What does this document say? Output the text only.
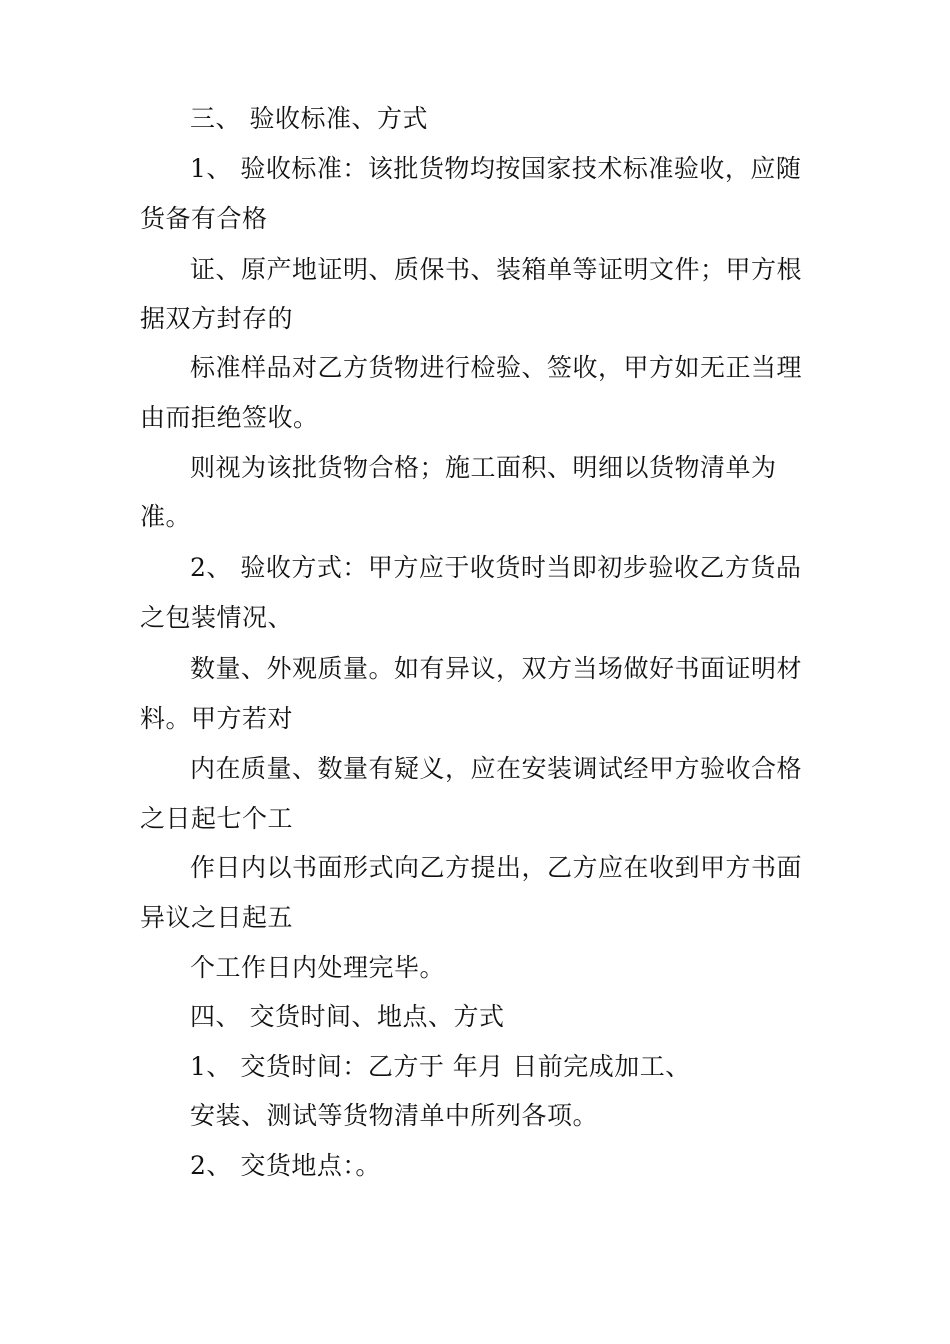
三、 验收标准、方式
1、 验收标准：该批货物均按国家技术标准验收，应随
货备有合格
证、原产地证明、质保书、装箱单等证明文件；甲方根
据双方封存的
标准样品对乙方货物进行检验、签收，甲方如无正当理
由而拒绝签收。
则视为该批货物合格；施工面积、明细以货物清单为
准。
2、 验收方式：甲方应于收货时当即初步验收乙方货品
之包装情况、
数量、外观质量。如有异议，双方当场做好书面证明材
料。甲方若对
内在质量、数量有疑义，应在安装调试经甲方验收合格
之日起七个工
作日内以书面形式向乙方提出，乙方应在收到甲方书面
异议之日起五
个工作日内处理完毕。
四、 交货时间、地点、方式
1、 交货时间：乙方于 年月 日前完成加工、
安装、测试等货物清单中所列各项。
2、 交货地点：。
